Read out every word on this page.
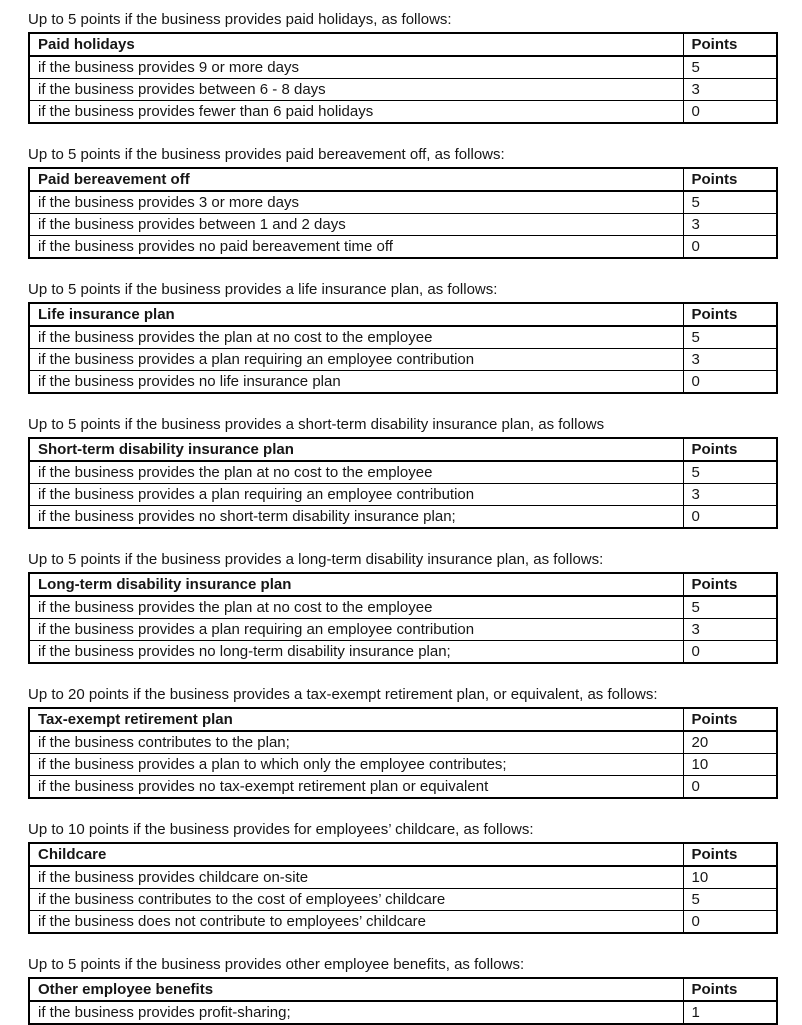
Up to 5 points if the business provides paid holidays, as follows:

Paid holidays	Points
if the business provides 9 or more days	5
if the business provides between 6 - 8 days	3
if the business provides fewer than 6 paid holidays	0

Up to 5 points if the business provides paid bereavement off, as follows:

Paid bereavement off	Points
if the business provides 3 or more days	5
if the business provides between 1 and 2 days	3
if the business provides no paid bereavement time off	0

Up to 5 points if the business provides a life insurance plan, as follows:

Life insurance plan	Points
if the business provides the plan at no cost to the employee	5
if the business provides a plan requiring an employee contribution	3
if the business provides no life insurance plan	0

Up to 5 points if the business provides a short-term disability insurance plan, as follows

Short-term disability insurance plan	Points
if the business provides the plan at no cost to the employee	5
if the business provides a plan requiring an employee contribution	3
if the business provides no short-term disability insurance plan;	0

Up to 5 points if the business provides a long-term disability insurance plan, as follows:

Long-term disability insurance plan	Points
if the business provides the plan at no cost to the employee	5
if the business provides a plan requiring an employee contribution	3
if the business provides no long-term disability insurance plan;	0

Up to 20 points if the business provides a tax-exempt retirement plan, or equivalent, as follows:

Tax-exempt retirement plan	Points
if the business contributes to the plan;	20
if the business provides a plan to which only the employee contributes;	10
if the business provides no tax-exempt retirement plan or equivalent	0

Up to 10 points if the business provides for employees’ childcare, as follows:

Childcare	Points
if the business provides childcare on-site	10
if the business contributes to the cost of employees’ childcare	5
if the business does not contribute to employees’ childcare	0

Up to 5 points if the business provides other employee benefits, as follows:

Other employee benefits	Points
if the business provides profit-sharing;	1
